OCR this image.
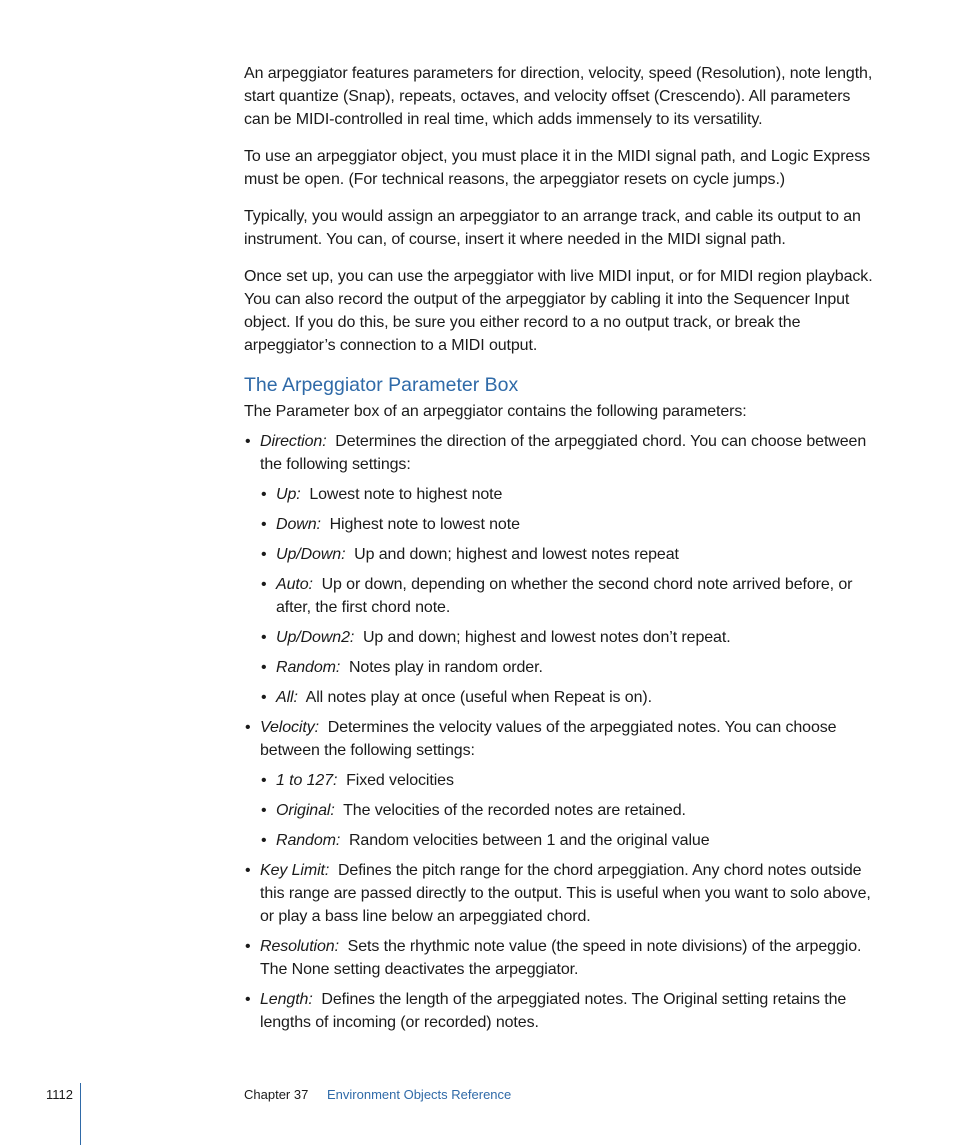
An arpeggiator features parameters for direction, velocity, speed (Resolution), note length, start quantize (Snap), repeats, octaves, and velocity offset (Crescendo). All parameters can be MIDI-controlled in real time, which adds immensely to its versatility.

To use an arpeggiator object, you must place it in the MIDI signal path, and Logic Express must be open. (For technical reasons, the arpeggiator resets on cycle jumps.)

Typically, you would assign an arpeggiator to an arrange track, and cable its output to an instrument. You can, of course, insert it where needed in the MIDI signal path.

Once set up, you can use the arpeggiator with live MIDI input, or for MIDI region playback. You can also record the output of the arpeggiator by cabling it into the Sequencer Input object. If you do this, be sure you either record to a no output track, or break the arpeggiator’s connection to a MIDI output.

The Arpeggiator Parameter Box

The Parameter box of an arpeggiator contains the following parameters:

• Direction: Determines the direction of the arpeggiated chord. You can choose between the following settings:
• Up: Lowest note to highest note
• Down: Highest note to lowest note
• Up/Down: Up and down; highest and lowest notes repeat
• Auto: Up or down, depending on whether the second chord note arrived before, or after, the first chord note.
• Up/Down2: Up and down; highest and lowest notes don’t repeat.
• Random: Notes play in random order.
• All: All notes play at once (useful when Repeat is on).
• Velocity: Determines the velocity values of the arpeggiated notes. You can choose between the following settings:
• 1 to 127: Fixed velocities
• Original: The velocities of the recorded notes are retained.
• Random: Random velocities between 1 and the original value
• Key Limit: Defines the pitch range for the chord arpeggiation. Any chord notes outside this range are passed directly to the output. This is useful when you want to solo above, or play a bass line below an arpeggiated chord.
• Resolution: Sets the rhythmic note value (the speed in note divisions) of the arpeggio. The None setting deactivates the arpeggiator.
• Length: Defines the length of the arpeggiated notes. The Original setting retains the lengths of incoming (or recorded) notes.
1112	Chapter 37 Environment Objects Reference
